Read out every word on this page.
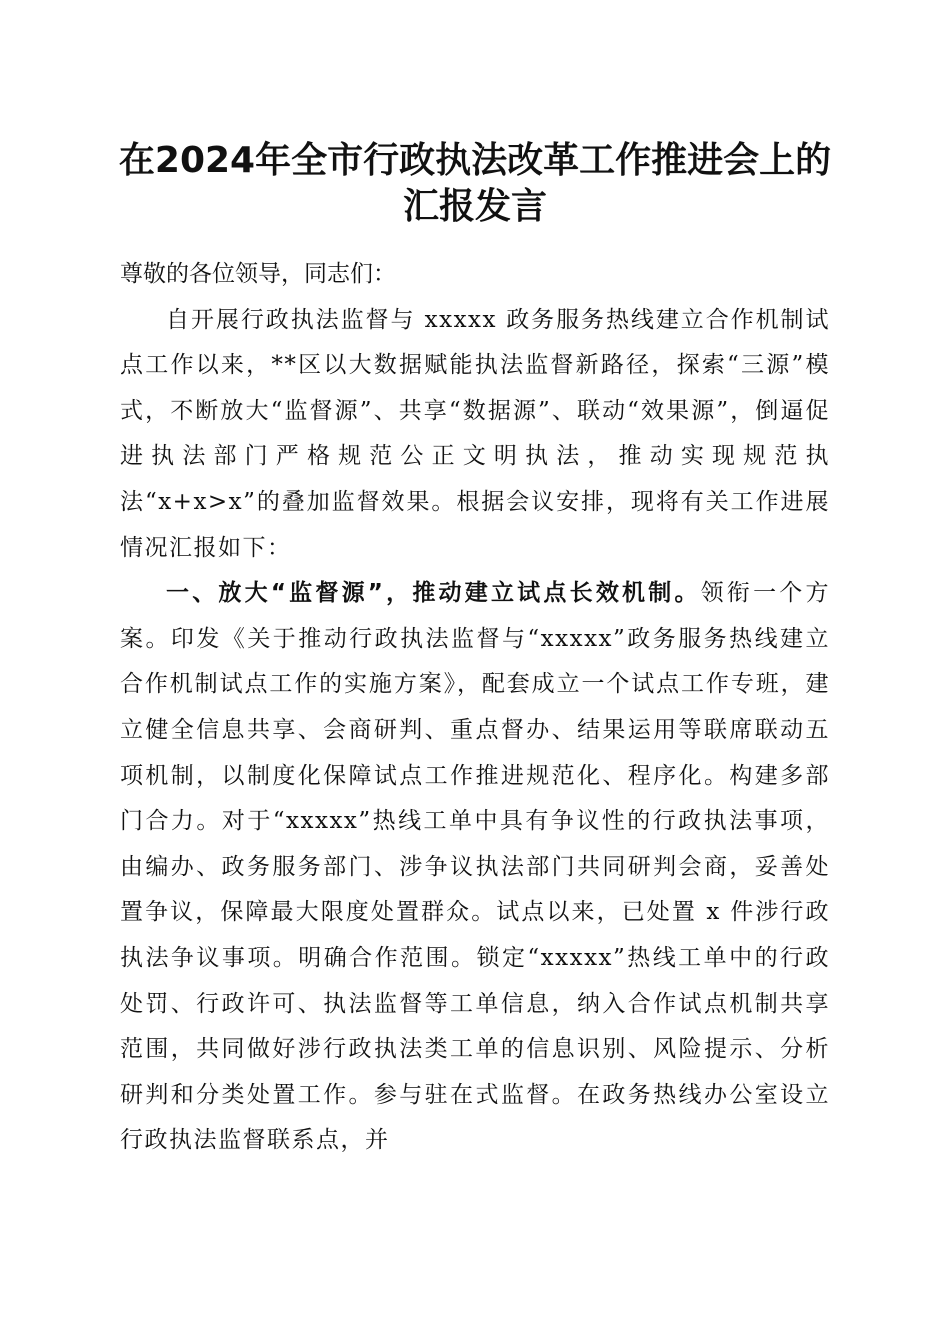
在2024年全市行政执法改革工作推进会上的
汇报发言

尊敬的各位领导，同志们：

自开展行政执法监督与 xxxxx 政务服务热线建立合作机制试点工作以来，**区以大数据赋能执法监督新路径，探索“三源”模式，不断放大“监督源”、共享“数据源”、联动“效果源”，倒逼促进执法部门严格规范公正文明执法，推动实现规范执法“x+x>x”的叠加监督效果。根据会议安排，现将有关工作进展情况汇报如下：

一、放大“监督源”，推动建立试点长效机制。领衔一个方案。印发《关于推动行政执法监督与“xxxxx”政务服务热线建立合作机制试点工作的实施方案》，配套成立一个试点工作专班，建立健全信息共享、会商研判、重点督办、结果运用等联席联动五项机制，以制度化保障试点工作推进规范化、程序化。构建多部门合力。对于“xxxxx”热线工单中具有争议性的行政执法事项，由编办、政务服务部门、涉争议执法部门共同研判会商，妥善处置争议，保障最大限度处置群众。试点以来，已处置 x 件涉行政执法争议事项。明确合作范围。锁定“xxxxx”热线工单中的行政处罚、行政许可、执法监督等工单信息，纳入合作试点机制共享范围，共同做好涉行政执法类工单的信息识别、风险提示、分析研判和分类处置工作。参与驻在式监督。在政务热线办公室设立行政执法监督联系点，并
